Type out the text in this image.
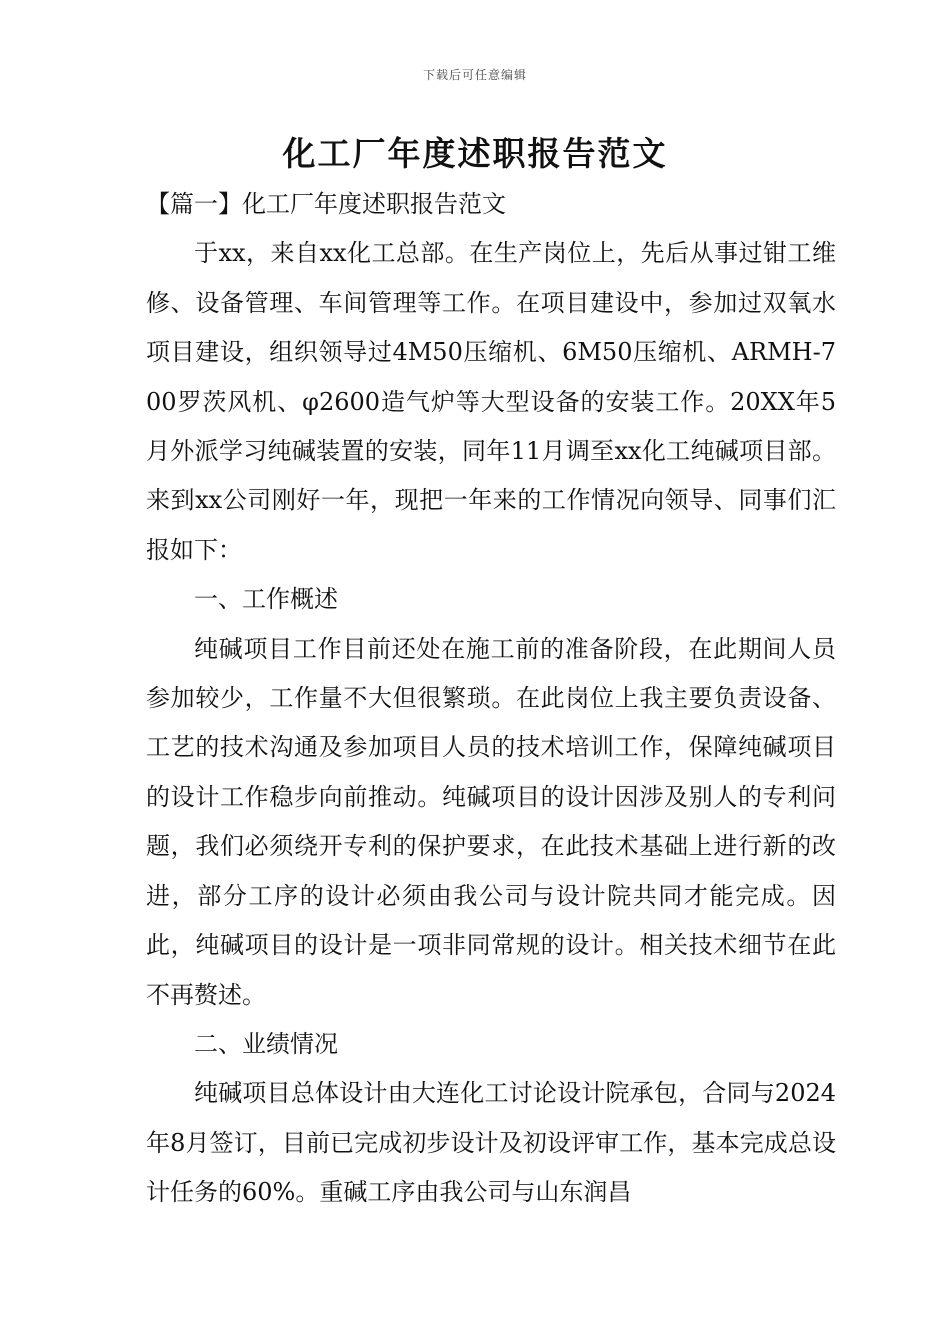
下载后可任意编辑
化工厂年度述职报告范文

【篇一】化工厂年度述职报告范文

于xx，来自xx化工总部。在生产岗位上，先后从事过钳工维修、设备管理、车间管理等工作。在项目建设中，参加过双氧水项目建设，组织领导过4M50压缩机、6M50压缩机、ARMH-700罗茨风机、φ2600造气炉等大型设备的安装工作。20XX年5月外派学习纯碱装置的安装，同年11月调至xx化工纯碱项目部。来到xx公司刚好一年，现把一年来的工作情况向领导、同事们汇报如下：

一、工作概述

纯碱项目工作目前还处在施工前的准备阶段，在此期间人员参加较少，工作量不大但很繁琐。在此岗位上我主要负责设备、工艺的技术沟通及参加项目人员的技术培训工作，保障纯碱项目的设计工作稳步向前推动。纯碱项目的设计因涉及别人的专利问题，我们必须绕开专利的保护要求，在此技术基础上进行新的改进，部分工序的设计必须由我公司与设计院共同才能完成。因此，纯碱项目的设计是一项非同常规的设计。相关技术细节在此不再赘述。

二、业绩情况

纯碱项目总体设计由大连化工讨论设计院承包，合同与2024年8月签订，目前已完成初步设计及初设评审工作，基本完成总设计任务的60%。重碱工序由我公司与山东润昌
